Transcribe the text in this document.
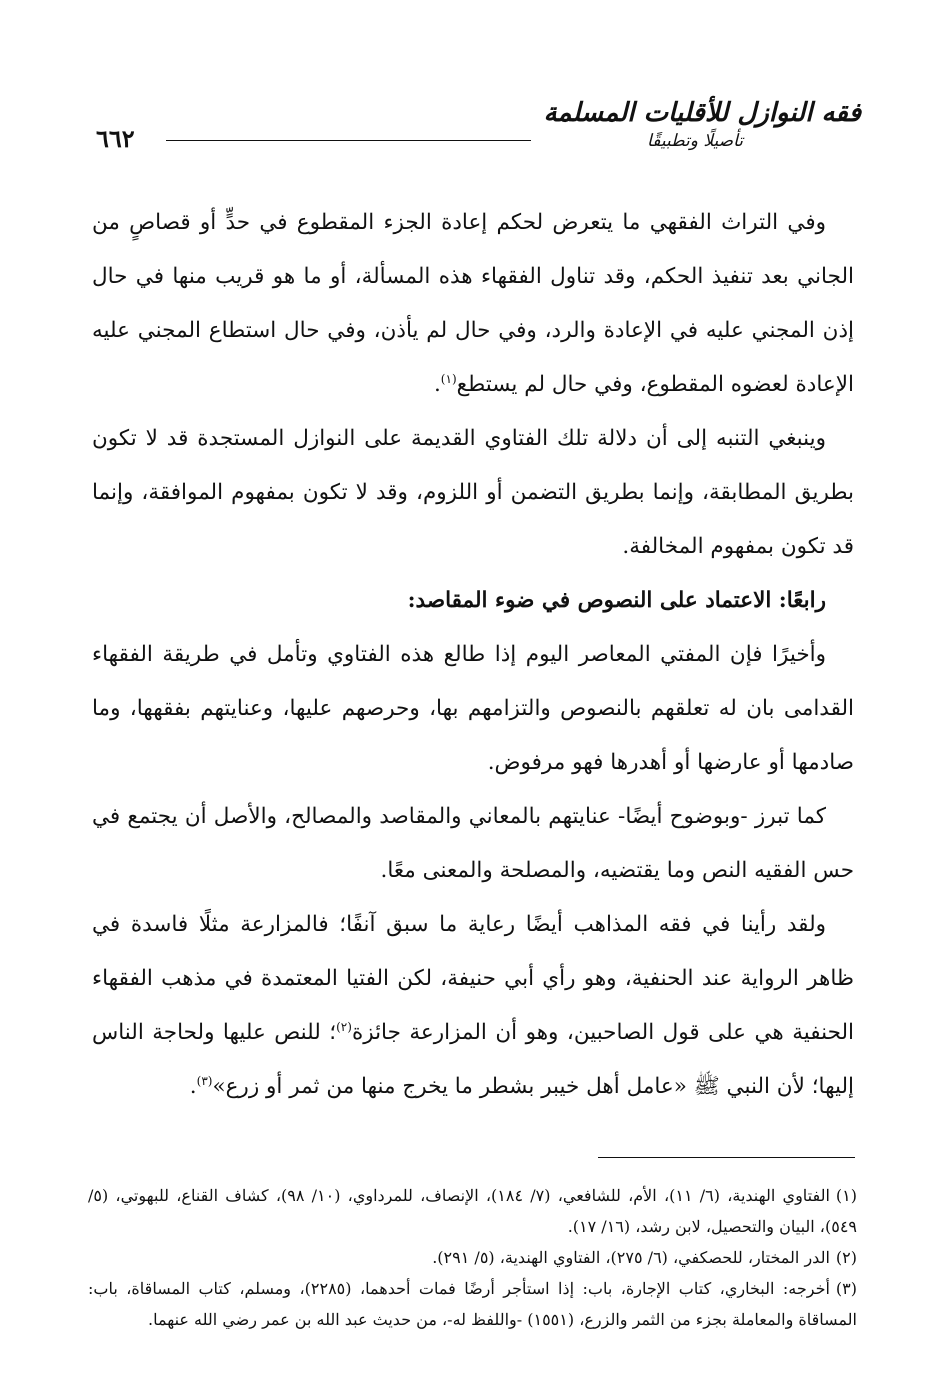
فقه النوازل للأقليات المسلمة
تأصيلًا وتطبيقًا
٦٦٢

وفي التراث الفقهي ما يتعرض لحكم إعادة الجزء المقطوع في حدٍّ أو قصاصٍ من الجاني بعد تنفيذ الحكم، وقد تناول الفقهاء هذه المسألة، أو ما هو قريب منها في حال إذن المجني عليه في الإعادة والرد، وفي حال لم يأذن، وفي حال استطاع المجني عليه الإعادة لعضوه المقطوع، وفي حال لم يستطع$^{(١)}$.

وينبغي التنبه إلى أن دلالة تلك الفتاوي القديمة على النوازل المستجدة قد لا تكون بطريق المطابقة، وإنما بطريق التضمن أو اللزوم، وقد لا تكون بمفهوم الموافقة، وإنما قد تكون بمفهوم المخالفة.

رابعًا: الاعتماد على النصوص في ضوء المقاصد:

وأخيرًا فإن المفتي المعاصر اليوم إذا طالع هذه الفتاوي وتأمل في طريقة الفقهاء القدامى بان له تعلقهم بالنصوص والتزامهم بها، وحرصهم عليها، وعنايتهم بفقهها، وما صادمها أو عارضها أو أهدرها فهو مرفوض.

كما تبرز -وبوضوح أيضًا- عنايتهم بالمعاني والمقاصد والمصالح، والأصل أن يجتمع في حس الفقيه النص وما يقتضيه، والمصلحة والمعنى معًا.

ولقد رأينا في فقه المذاهب أيضًا رعاية ما سبق آنفًا؛ فالمزارعة مثلًا فاسدة في ظاهر الرواية عند الحنفية، وهو رأي أبي حنيفة، لكن الفتيا المعتمدة في مذهب الفقهاء الحنفية هي على قول الصاحبين، وهو أن المزارعة جائزة$^{(٢)}$؛ للنص عليها ولحاجة الناس إليها؛ لأن النبي ﷺ «عامل أهل خيبر بشطر ما يخرج منها من ثمر أو زرع»$^{(٣)}$.

(١)الفتاوي الهندية، (٦/ ١١)، الأم، للشافعي، (٧/ ١٨٤)، الإنصاف، للمرداوي، (١٠/ ٩٨)، كشاف القناع، للبهوتي، (٥/ ٥٤٩)، البيان والتحصيل، لابن رشد، (١٦/ ١٧).

(٢)الدر المختار، للحصكفي، (٦/ ٢٧٥)، الفتاوي الهندية، (٥/ ٢٩١).

(٣)أخرجه: البخاري، كتاب الإجارة، باب: إذا استأجر أرضًا فمات أحدهما، (٢٢٨٥)، ومسلم، كتاب المساقاة، باب: المساقاة والمعاملة بجزء من الثمر والزرع، (١٥٥١) -واللفظ له-، من حديث عبد الله بن عمر رضي الله عنهما.
